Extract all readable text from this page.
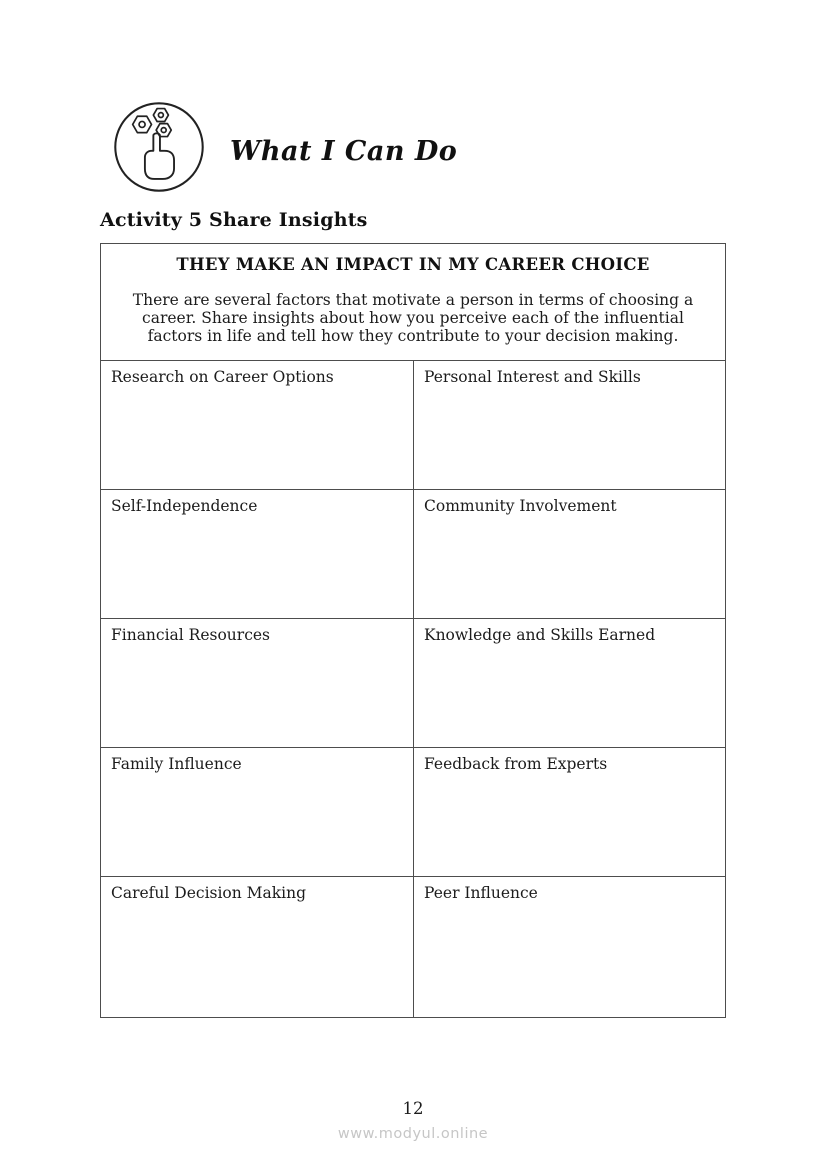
What I Can Do
Activity 5 Share Insights
THEY MAKE AN IMPACT IN MY CAREER CHOICE
There are several factors that motivate a person in terms of choosing a career. Share insights about how you perceive each of the influential factors in life and tell how they contribute to your decision making.
Research on Career Options	Personal Interest and Skills
Self-Independence	Community Involvement
Financial Resources	Knowledge and Skills Earned
Family Influence	Feedback from Experts
Careful Decision Making	Peer Influence
12
www.modyul.online
